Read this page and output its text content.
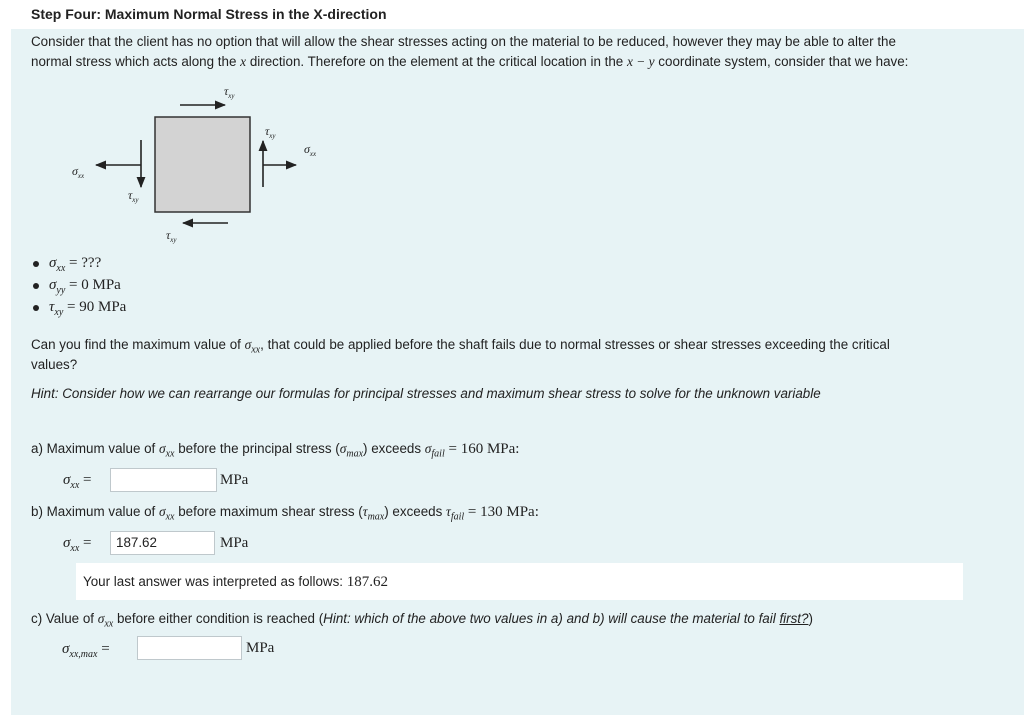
Step Four: Maximum Normal Stress in the X-direction
Consider that the client has no option that will allow the shear stresses acting on the material to be reduced, however they may be able to alter the
normal stress which acts along the x direction. Therefore on the element at the critical location in the x − y coordinate system, consider that we have:
$\tau_{xy}$
$\tau_{xy}$
$\tau_{xy}$
$\tau_{xy}$
$\sigma_{xx}$
$\sigma_{xx}$
$\sigma_{xx}$ = ???
$\sigma_{yy} = 0$ MPa
$\tau_{xy} = 90$ MPa
Can you find the maximum value of $\sigma_{xx}$, that could be applied before the shaft fails due to normal stresses or shear stresses exceeding the critical
values?
Hint: Consider how we can rearrange our formulas for principal stresses and maximum shear stress to solve for the unknown variable
a) Maximum value of $\sigma_{xx}$ before the principal stress $(\sigma_{max})$ exceeds $\sigma_{fail} = 160$ MPa:
$\sigma_{xx}$ =	MPa
b) Maximum value of $\sigma_{xx}$ before maximum shear stress $(\tau_{max})$ exceeds $\tau_{fail} = 130$ MPa:
$\sigma_{xx}$ =	187.62	MPa
Your last answer was interpreted as follows: 187.62
c) Value of $\sigma_{xx}$ before either condition is reached (Hint: which of the above two values in a) and b) will cause the material to fail first?)
$\sigma_{xx,max}$ =	MPa
